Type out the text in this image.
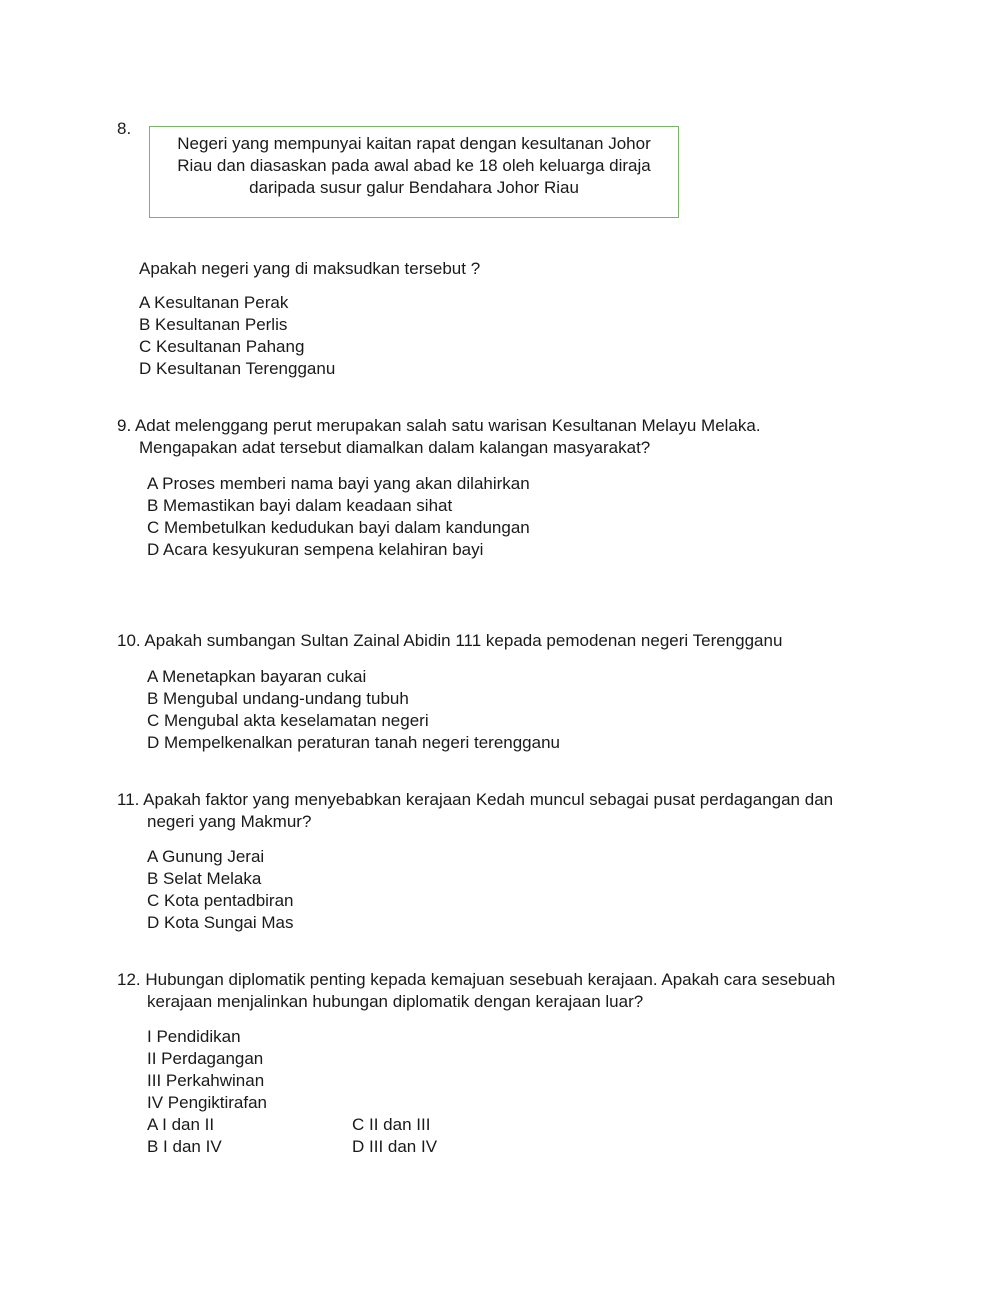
8.
Negeri yang mempunyai kaitan rapat dengan kesultanan Johor
Riau dan diasaskan pada awal abad ke 18 oleh keluarga diraja
daripada susur galur Bendahara Johor Riau
Apakah negeri yang di maksudkan tersebut ?
A Kesultanan Perak
B Kesultanan Perlis
C Kesultanan Pahang
D Kesultanan Terengganu
9. Adat melenggang perut merupakan salah satu warisan Kesultanan Melayu Melaka.
Mengapakan adat tersebut diamalkan dalam kalangan masyarakat?
A Proses memberi nama bayi yang akan dilahirkan
B Memastikan bayi dalam keadaan sihat
C Membetulkan kedudukan bayi dalam kandungan
D Acara kesyukuran sempena kelahiran bayi
10. Apakah sumbangan Sultan Zainal Abidin 111 kepada pemodenan negeri Terengganu
A Menetapkan bayaran cukai
B Mengubal undang-undang tubuh
C Mengubal akta keselamatan negeri
D Mempelkenalkan peraturan tanah negeri terengganu
11. Apakah faktor yang menyebabkan kerajaan Kedah muncul sebagai pusat perdagangan dan
negeri yang Makmur?
A Gunung Jerai
B Selat Melaka
C Kota pentadbiran
D Kota Sungai Mas
12. Hubungan diplomatik penting kepada kemajuan sesebuah kerajaan. Apakah cara sesebuah
kerajaan menjalinkan hubungan diplomatik dengan kerajaan luar?
I Pendidikan
II Perdagangan
III Perkahwinan
IV Pengiktirafan
A I dan II
B I dan IV
C II dan III
D III dan IV
